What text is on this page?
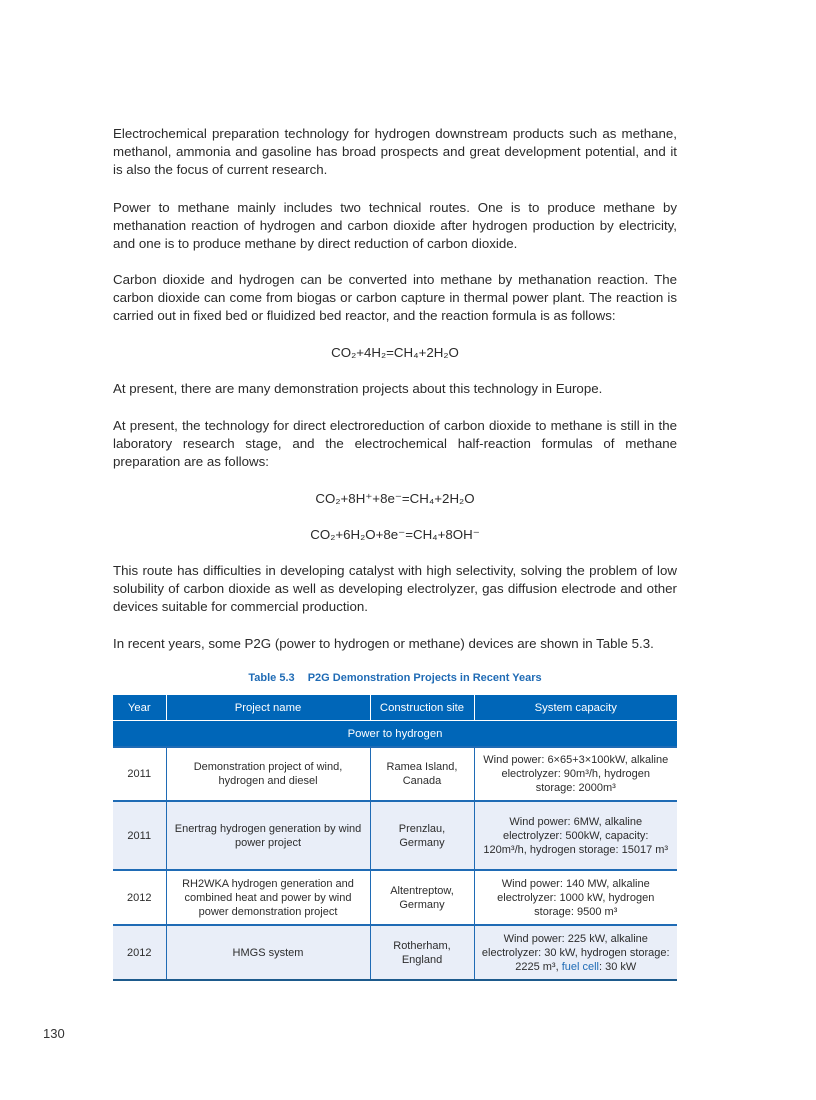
Electrochemical preparation technology for hydrogen downstream products such as methane, methanol, ammonia and gasoline has broad prospects and great development potential, and it is also the focus of current research.

Power to methane mainly includes two technical routes. One is to produce methane by methanation reaction of hydrogen and carbon dioxide after hydrogen production by electricity, and one is to produce methane by direct reduction of carbon dioxide.

Carbon dioxide and hydrogen can be converted into methane by methanation reaction. The carbon dioxide can come from biogas or carbon capture in thermal power plant. The reaction is carried out in fixed bed or fluidized bed reactor, and the reaction formula is as follows:

CO₂+4H₂=CH₄+2H₂O

At present, there are many demonstration projects about this technology in Europe.

At present, the technology for direct electroreduction of carbon dioxide to methane is still in the laboratory research stage, and the electrochemical half-reaction formulas of methane preparation are as follows:

CO₂+8H⁺+8e⁻=CH₄+2H₂O
CO₂+6H₂O+8e⁻=CH₄+8OH⁻

This route has difficulties in developing catalyst with high selectivity, solving the problem of low solubility of carbon dioxide as well as developing electrolyzer, gas diffusion electrode and other devices suitable for commercial production.

In recent years, some P2G (power to hydrogen or methane) devices are shown in Table 5.3.

Table 5.3 P2G Demonstration Projects in Recent Years
Year	Project name	Construction site	System capacity
Power to hydrogen			
2011	Demonstration project of wind, hydrogen and diesel	Ramea Island, Canada	Wind power: 6×65+3×100kW, alkaline electrolyzer: 90m³/h, hydrogen storage: 2000m³
2011	Enertrag hydrogen generation by wind power project	Prenzlau, Germany	Wind power: 6MW, alkaline electrolyzer: 500kW, capacity: 120m³/h, hydrogen storage: 15017 m³
2012	RH2WKA hydrogen generation and combined heat and power by wind power demonstration project	Altentreptow, Germany	Wind power: 140 MW, alkaline electrolyzer: 1000 kW, hydrogen storage: 9500 m³
2012	HMGS system	Rotherham, England	Wind power: 225 kW, alkaline electrolyzer: 30 kW, hydrogen storage: 2225 m³, fuel cell: 30 kW
130
